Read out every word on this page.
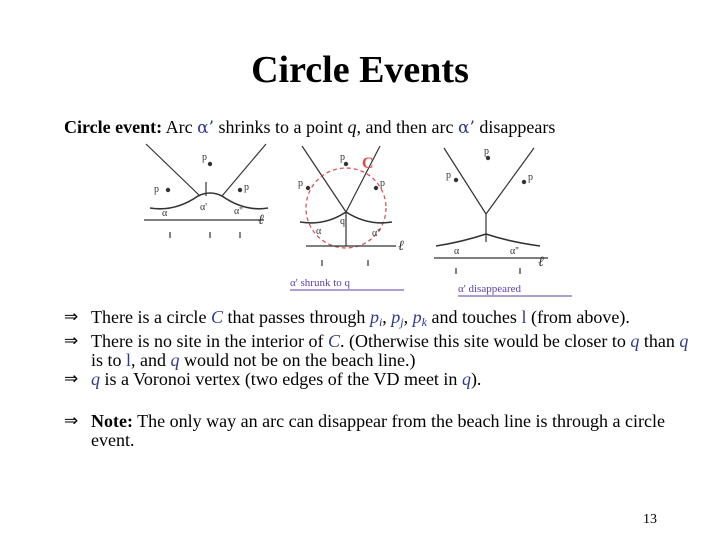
Circle Events
Circle event: Arc α’ shrinks to a point q, and then arc α’ disappears
p
p	p
α
α'	α''
ℓ
p
p	p
C
q
α	α''
ℓ
α' shrunk to q
p
p	p
α	α''
ℓ
α' disappeared
⇒ There is a circle C that passes through $p_i$, $p_j$, $p_k$ and touches l (from above).
⇒ There is no site in the interior of C. (Otherwise this site would be closer to q than q is to l, and q would not be on the beach line.)
⇒ q is a Voronoi vertex (two edges of the VD meet in q).
⇒ Note: The only way an arc can disappear from the beach line is through a circle event.
13
